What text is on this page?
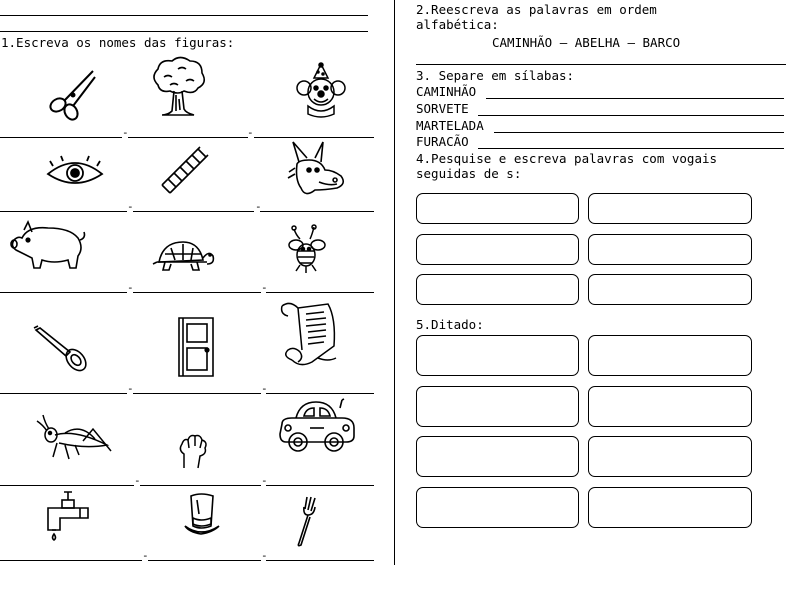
1.Escreva os nomes das figuras:
-	-
-	-
-	-
-	-
-	-
-	-
2.Reescreva as palavras em ordem
alfabética:
CAMINHÃO – ABELHA – BARCO
3. Separe em sílabas:
CAMINHÃO
SORVETE
MARTELADA
FURACÃO
4.Pesquise e escreva palavras com vogais
seguidas de s:
5.Ditado:
